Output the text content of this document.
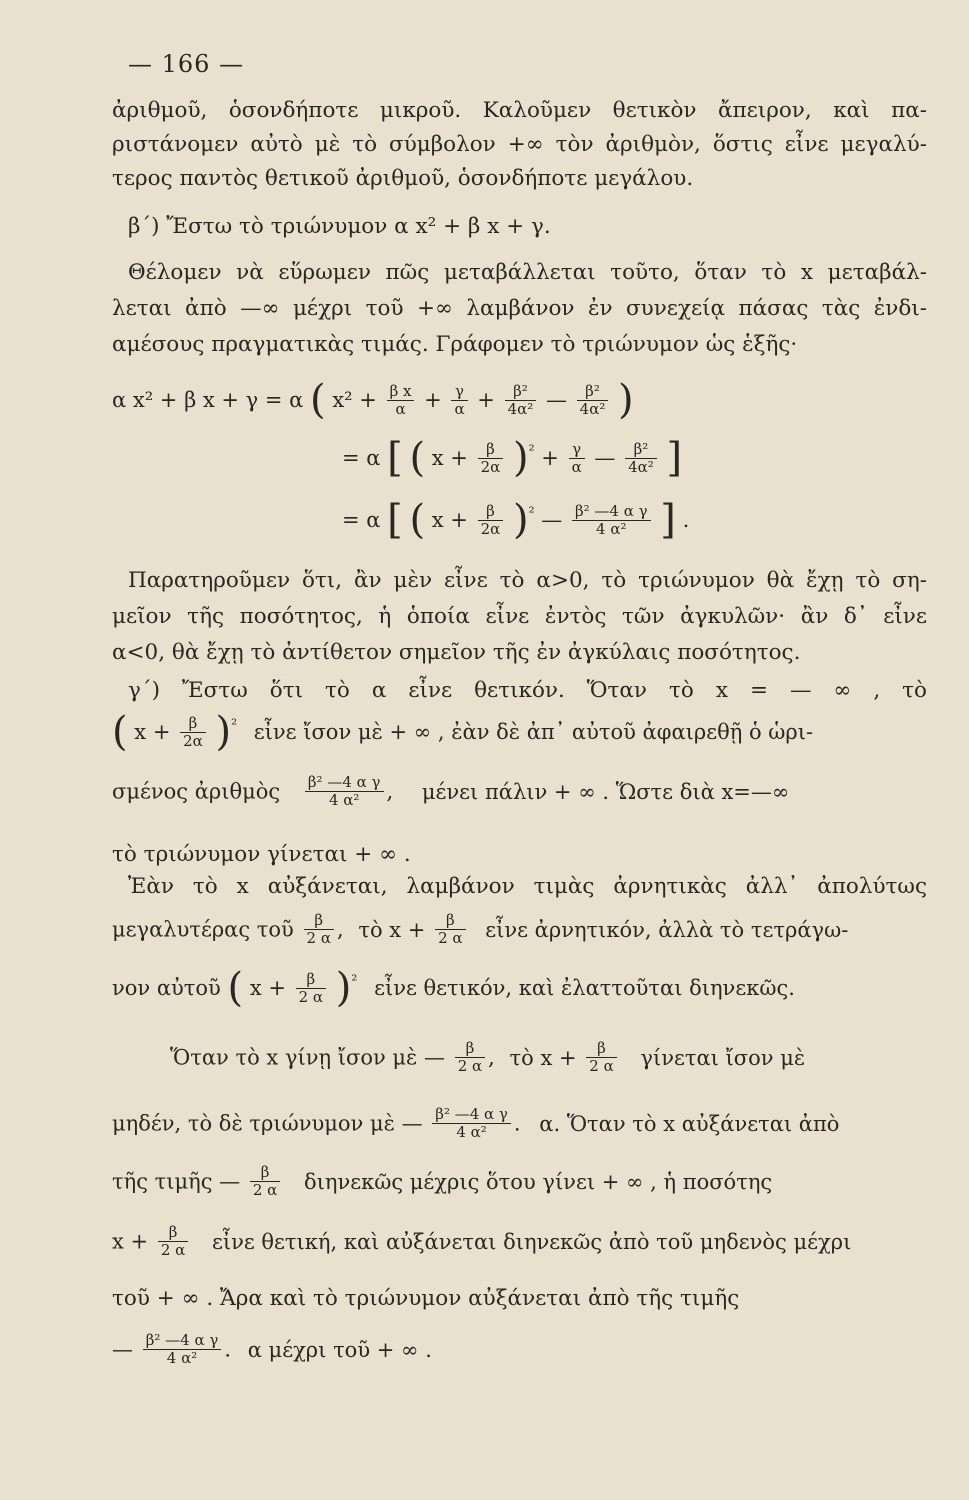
— 166 —
ἀριθμοῦ, ὁσονδήποτε μικροῦ. Καλοῦμεν θετικὸν ἄπειρον, καὶ πα-
ριστάνομεν αὐτὸ μὲ τὸ σύμβολον +∞ τὸν ἀριθμὸν, ὅστις εἶνε μεγαλύ-
τερος παντὸς θετικοῦ ἀριθμοῦ, ὁσονδήποτε μεγάλου.
β΄) Ἔστω τὸ τριώνυμον α x² + β x + γ.
Θέλομεν νὰ εὕρωμεν πῶς μεταβάλλεται τοῦτο, ὅταν τὸ x μεταβάλ-
λεται ἀπὸ —∞ μέχρι τοῦ +∞ λαμβάνον ἐν συνεχείᾳ πάσας τὰς ἐνδι-
αμέσους πραγματικὰς τιμάς. Γράφομεν τὸ τριώνυμον ὡς ἑξῆς·
α x² + β x + γ = α ( $x^2 + \frac{\text{β x}}{\alpha} + \frac{\gamma}{\alpha} + \frac{\text{β²}}{\text{4α²}}$ — $\frac{\text{β²}}{\text{4α²}}$ )
= α [ ( $x + \frac{\beta}{2\alpha} )^{^2} + \frac{\gamma}{\alpha}$ — $\frac{\text{β²}}{\text{4α²}}$ ]
= α [ ( $x + \frac{\beta}{2\alpha} )^{^2}$ — $\frac{\text{β² —4 α γ}}{\text{4 α²}}$ ] .
Παρατηροῦμεν ὅτι, ἂν μὲν εἶνε τὸ α>0, τὸ τριώνυμον θὰ ἔχῃ τὸ ση-
μεῖον τῆς ποσότητος, ἡ ὁποία εἶνε ἐντὸς τῶν ἀγκυλῶν· ἂν δ᾽ εἶνε
α<0, θὰ ἔχῃ τὸ ἀντίθετον σημεῖον τῆς ἐν ἀγκύλαις ποσότητος.
γ΄) Ἔστω ὅτι τὸ α εἶνε θετικόν. Ὅταν τὸ x = — ∞ , τὸ
( $x + \frac{\beta}{2\alpha} )^{^2}$ εἶνε ἴσον μὲ + ∞ , ἐὰν δὲ ἀπ᾽ αὐτοῦ ἀφαιρεθῇ ὁ ὡρι-
σμένος ἀριθμὸς $\frac{\text{β² —4 α γ}}{\text{4 α²}}$ , μένει πάλιν + ∞ . Ὥστε διὰ x=—∞
τὸ τριώνυμον γίνεται + ∞ .
Ἐὰν τὸ x αὐξάνεται, λαμβάνον τιμὰς ἀρνητικὰς ἀλλ᾽ ἀπολύτως
μεγαλυτέρας τοῦ $\frac{\beta}{2 \alpha}$ , τὸ $x + \frac{\beta}{2 \alpha}$ εἶνε ἀρνητικόν, ἀλλὰ τὸ τετράγω-
νον αὐτοῦ ( $x + \frac{\beta}{2 \alpha} )^{^2}$ εἶνε θετικόν, καὶ ἐλαττοῦται διηνεκῶς.
Ὅταν τὸ x γίνῃ ἴσον μὲ — $\frac{\beta}{2 \alpha}$ , τὸ $x + \frac{\beta}{2 \alpha}$ γίνεται ἴσον μὲ
μηδέν, τὸ δὲ τριώνυμον μὲ — $\frac{\text{β² —4 α γ}}{\text{4 α²}}$ . α. Ὅταν τὸ x αὐξάνεται ἀπὸ
τῆς τιμῆς — $\frac{\beta}{2 \alpha}$ διηνεκῶς μέχρις ὅτου γίνει + ∞ , ἡ ποσότης
$x + \frac{\beta}{2 \alpha}$ εἶνε θετική, καὶ αὐξάνεται διηνεκῶς ἀπὸ τοῦ μηδενὸς μέχρι
τοῦ + ∞ . Ἄρα καὶ τὸ τριώνυμον αὐξάνεται ἀπὸ τῆς τιμῆς
— $\frac{\text{β² —4 α γ}}{\text{4 α²}}$ . α μέχρι τοῦ + ∞ .
